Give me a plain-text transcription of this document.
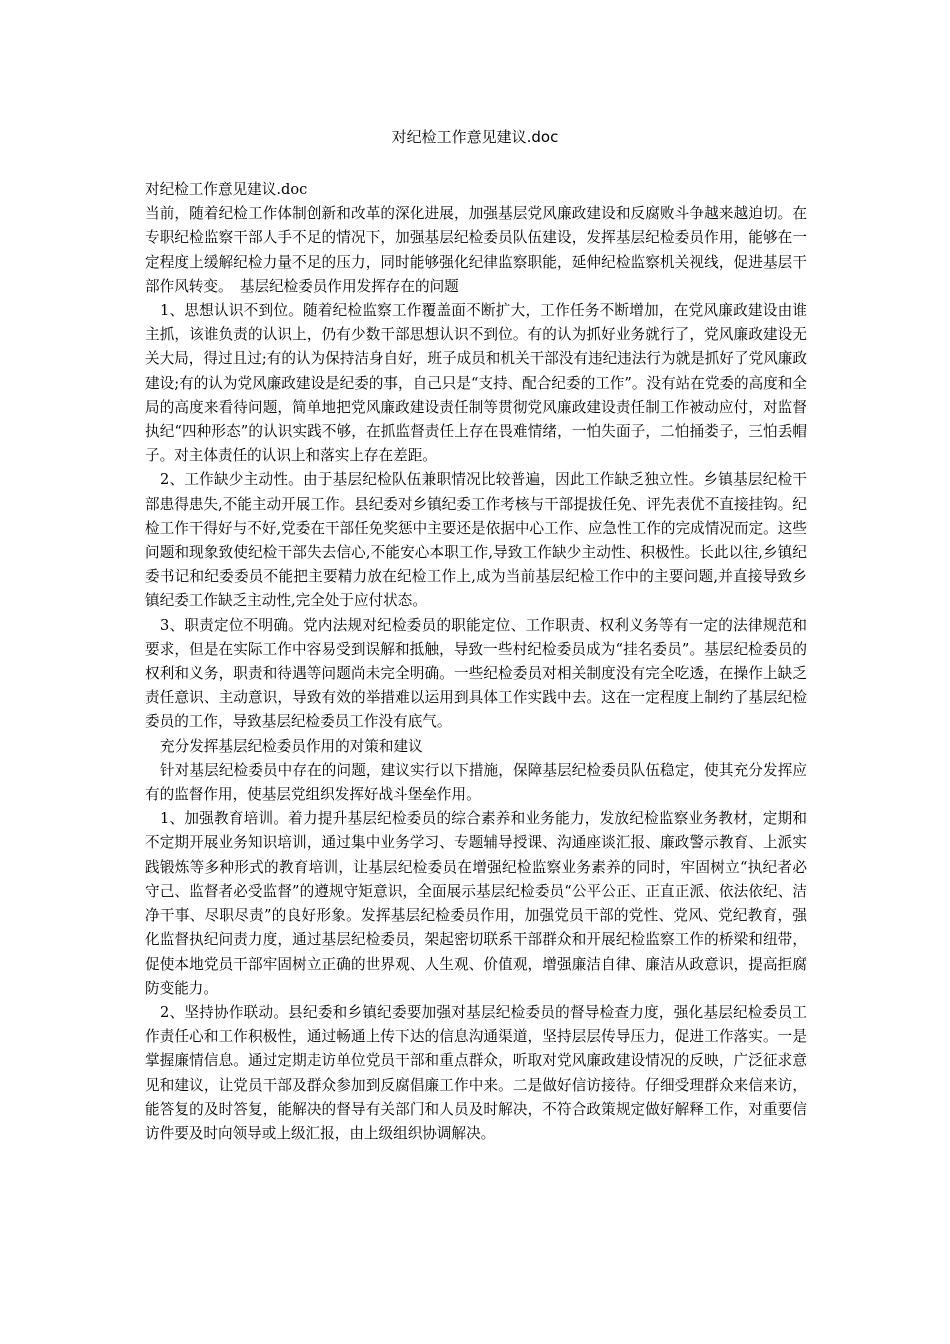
对纪检工作意见建议.doc

对纪检工作意见建议.doc

当前，随着纪检工作体制创新和改革的深化进展，加强基层党风廉政建设和反腐败斗争越来越迫切。在专职纪检监察干部人手不足的情况下，加强基层纪检委员队伍建设，发挥基层纪检委员作用，能够在一定程度上缓解纪检力量不足的压力，同时能够强化纪律监察职能，延伸纪检监察机关视线，促进基层干部作风转变。　基层纪检委员作用发挥存在的问题

1、思想认识不到位。随着纪检监察工作覆盖面不断扩大，工作任务不断增加，在党风廉政建设由谁主抓，该谁负责的认识上，仍有少数干部思想认识不到位。有的认为抓好业务就行了，党风廉政建设无关大局，得过且过;有的认为保持洁身自好，班子成员和机关干部没有违纪违法行为就是抓好了党风廉政建设;有的认为党风廉政建设是纪委的事，自己只是“支持、配合纪委的工作”。没有站在党委的高度和全局的高度来看待问题，简单地把党风廉政建设责任制等贯彻党风廉政建设责任制工作被动应付，对监督执纪“四种形态”的认识实践不够，在抓监督责任上存在畏难情绪，一怕失面子，二怕捅娄子，三怕丢帽子。对主体责任的认识上和落实上存在差距。

2、工作缺少主动性。由于基层纪检队伍兼职情况比较普遍，因此工作缺乏独立性。乡镇基层纪检干部患得患失,不能主动开展工作。县纪委对乡镇纪委工作考核与干部提拔任免、评先表优不直接挂钩。纪检工作干得好与不好,党委在干部任免奖惩中主要还是依据中心工作、应急性工作的完成情况而定。这些问题和现象致使纪检干部失去信心,不能安心本职工作,导致工作缺少主动性、积极性。长此以往,乡镇纪委书记和纪委委员不能把主要精力放在纪检工作上,成为当前基层纪检工作中的主要问题,并直接导致乡镇纪委工作缺乏主动性,完全处于应付状态。

3、职责定位不明确。党内法规对纪检委员的职能定位、工作职责、权利义务等有一定的法律规范和要求，但是在实际工作中容易受到误解和抵触，导致一些村纪检委员成为“挂名委员”。基层纪检委员的权利和义务，职责和待遇等问题尚未完全明确。一些纪检委员对相关制度没有完全吃透，在操作上缺乏责任意识、主动意识，导致有效的举措难以运用到具体工作实践中去。这在一定程度上制约了基层纪检委员的工作，导致基层纪检委员工作没有底气。

充分发挥基层纪检委员作用的对策和建议

针对基层纪检委员中存在的问题，建议实行以下措施，保障基层纪检委员队伍稳定，使其充分发挥应有的监督作用，使基层党组织发挥好战斗堡垒作用。

1、加强教育培训。着力提升基层纪检委员的综合素养和业务能力，发放纪检监察业务教材，定期和不定期开展业务知识培训，通过集中业务学习、专题辅导授课、沟通座谈汇报、廉政警示教育、上派实践锻炼等多种形式的教育培训，让基层纪检委员在增强纪检监察业务素养的同时，牢固树立“执纪者必守己、监督者必受监督”的遵规守矩意识，全面展示基层纪检委员“公平公正、正直正派、依法依纪、洁净干事、尽职尽责”的良好形象。发挥基层纪检委员作用，加强党员干部的党性、党风、党纪教育，强化监督执纪问责力度，通过基层纪检委员，架起密切联系干部群众和开展纪检监察工作的桥梁和纽带，促使本地党员干部牢固树立正确的世界观、人生观、价值观，增强廉洁自律、廉洁从政意识，提高拒腐防变能力。

2、坚持协作联动。县纪委和乡镇纪委要加强对基层纪检委员的督导检查力度，强化基层纪检委员工作责任心和工作积极性，通过畅通上传下达的信息沟通渠道，坚持层层传导压力，促进工作落实。一是掌握廉情信息。通过定期走访单位党员干部和重点群众，听取对党风廉政建设情况的反映，广泛征求意见和建议，让党员干部及群众参加到反腐倡廉工作中来。二是做好信访接待。仔细受理群众来信来访，能答复的及时答复，能解决的督导有关部门和人员及时解决，不符合政策规定做好解释工作，对重要信访件要及时向领导或上级汇报，由上级组织协调解决。
